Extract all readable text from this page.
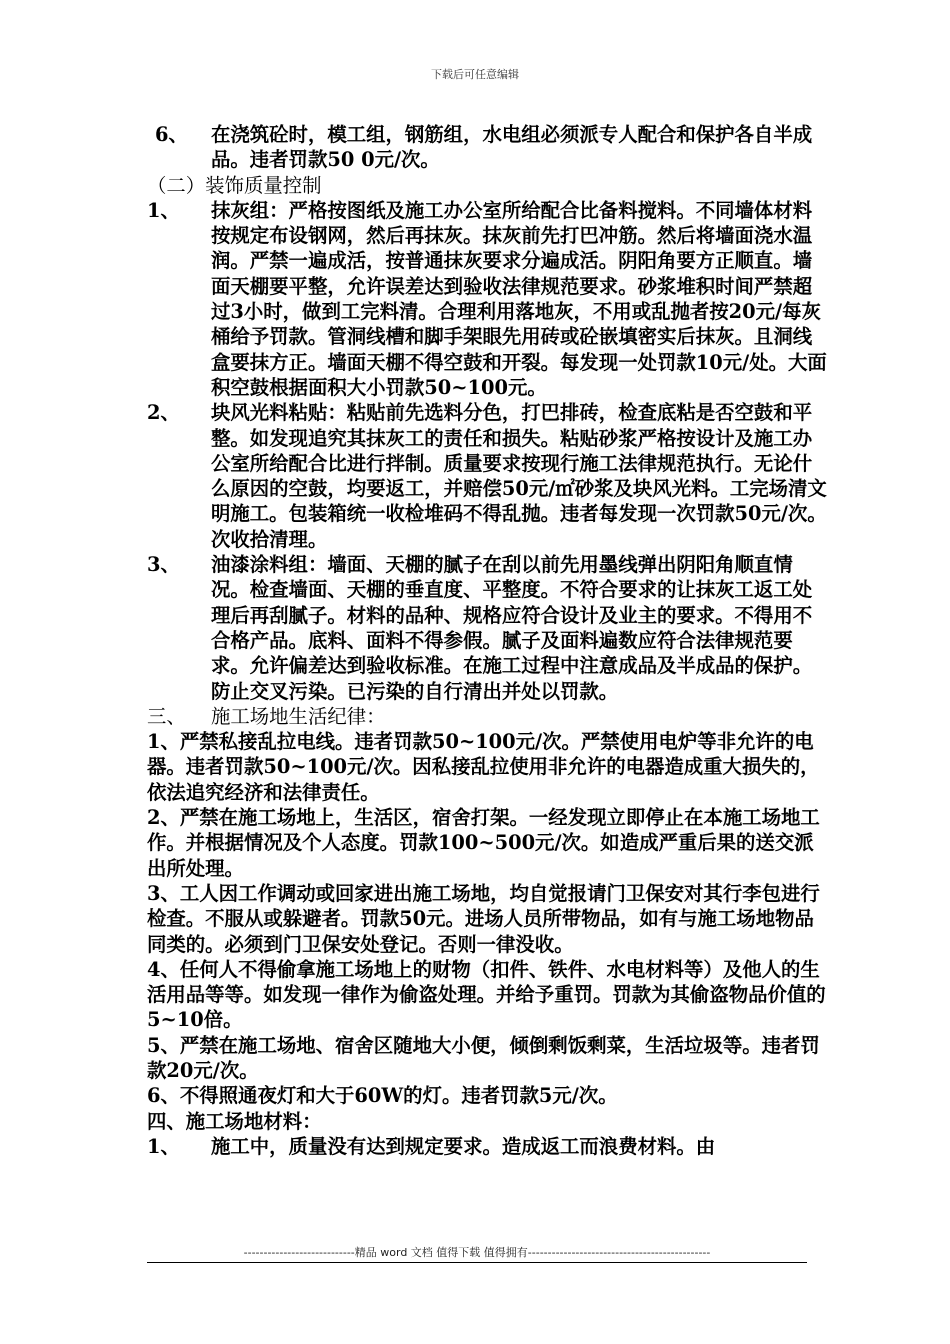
下载后可任意编辑
6、	在浇筑砼时，模工组，钢筋组，水电组必须派专人配合和保护各自半成品。违者罚款50 0元/次。

（二）装饰质量控制

1、	抹灰组：严格按图纸及施工办公室所给配合比备料搅料。不同墙体材料按规定布设钢网，然后再抹灰。抹灰前先打巴冲筋。然后将墙面浇水温润。严禁一遍成活，按普通抹灰要求分遍成活。阴阳角要方正顺直。墙面天棚要平整，允许误差达到验收法律规范要求。砂浆堆积时间严禁超过3小时，做到工完料清。合理利用落地灰，不用或乱抛者按20元/每灰桶给予罚款。管洞线槽和脚手架眼先用砖或砼嵌填密实后抹灰。且洞线盒要抹方正。墙面天棚不得空鼓和开裂。每发现一处罚款10元/处。大面积空鼓根据面积大小罚款50~100元。
2、	块风光料粘贴：粘贴前先选料分色，打巴排砖，检查底粘是否空鼓和平整。如发现追究其抹灰工的责任和损失。粘贴砂浆严格按设计及施工办公室所给配合比进行拌制。质量要求按现行施工法律规范执行。无论什么原因的空鼓，均要返工，并赔偿50元/㎡砂浆及块风光料。工完场清文明施工。包装箱统一收检堆码不得乱抛。违者每发现一次罚款50元/次。次收拾清理。
3、	油漆涂料组：墙面、天棚的腻子在刮以前先用墨线弹出阴阳角顺直情况。检查墙面、天棚的垂直度、平整度。不符合要求的让抹灰工返工处理后再刮腻子。材料的品种、规格应符合设计及业主的要求。不得用不合格产品。底料、面料不得参假。腻子及面料遍数应符合法律规范要求。允许偏差达到验收标准。在施工过程中注意成品及半成品的保护。防止交叉污染。已污染的自行清出并处以罚款。
三、	施工场地生活纪律：

1、严禁私接乱拉电线。违者罚款50~100元/次。严禁使用电炉等非允许的电器。违者罚款50~100元/次。因私接乱拉使用非允许的电器造成重大损失的，依法追究经济和法律责任。

2、严禁在施工场地上，生活区，宿舍打架。一经发现立即停止在本施工场地工作。并根据情况及个人态度。罚款100~500元/次。如造成严重后果的送交派出所处理。

3、工人因工作调动或回家进出施工场地，均自觉报请门卫保安对其行李包进行检查。不服从或躲避者。罚款50元。进场人员所带物品，如有与施工场地物品同类的。必须到门卫保安处登记。否则一律没收。

4、任何人不得偷拿施工场地上的财物（扣件、铁件、水电材料等）及他人的生活用品等等。如发现一律作为偷盗处理。并给予重罚。罚款为其偷盗物品价值的5~10倍。

5、严禁在施工场地、宿舍区随地大小便，倾倒剩饭剩菜，生活垃圾等。违者罚款20元/次。

6、不得照通夜灯和大于60W的灯。违者罚款5元/次。

四、施工场地材料：

1、	施工中，质量没有达到规定要求。造成返工而浪费材料。由
----------------------------精品 word 文档 值得下载 值得拥有----------------------------------------------
